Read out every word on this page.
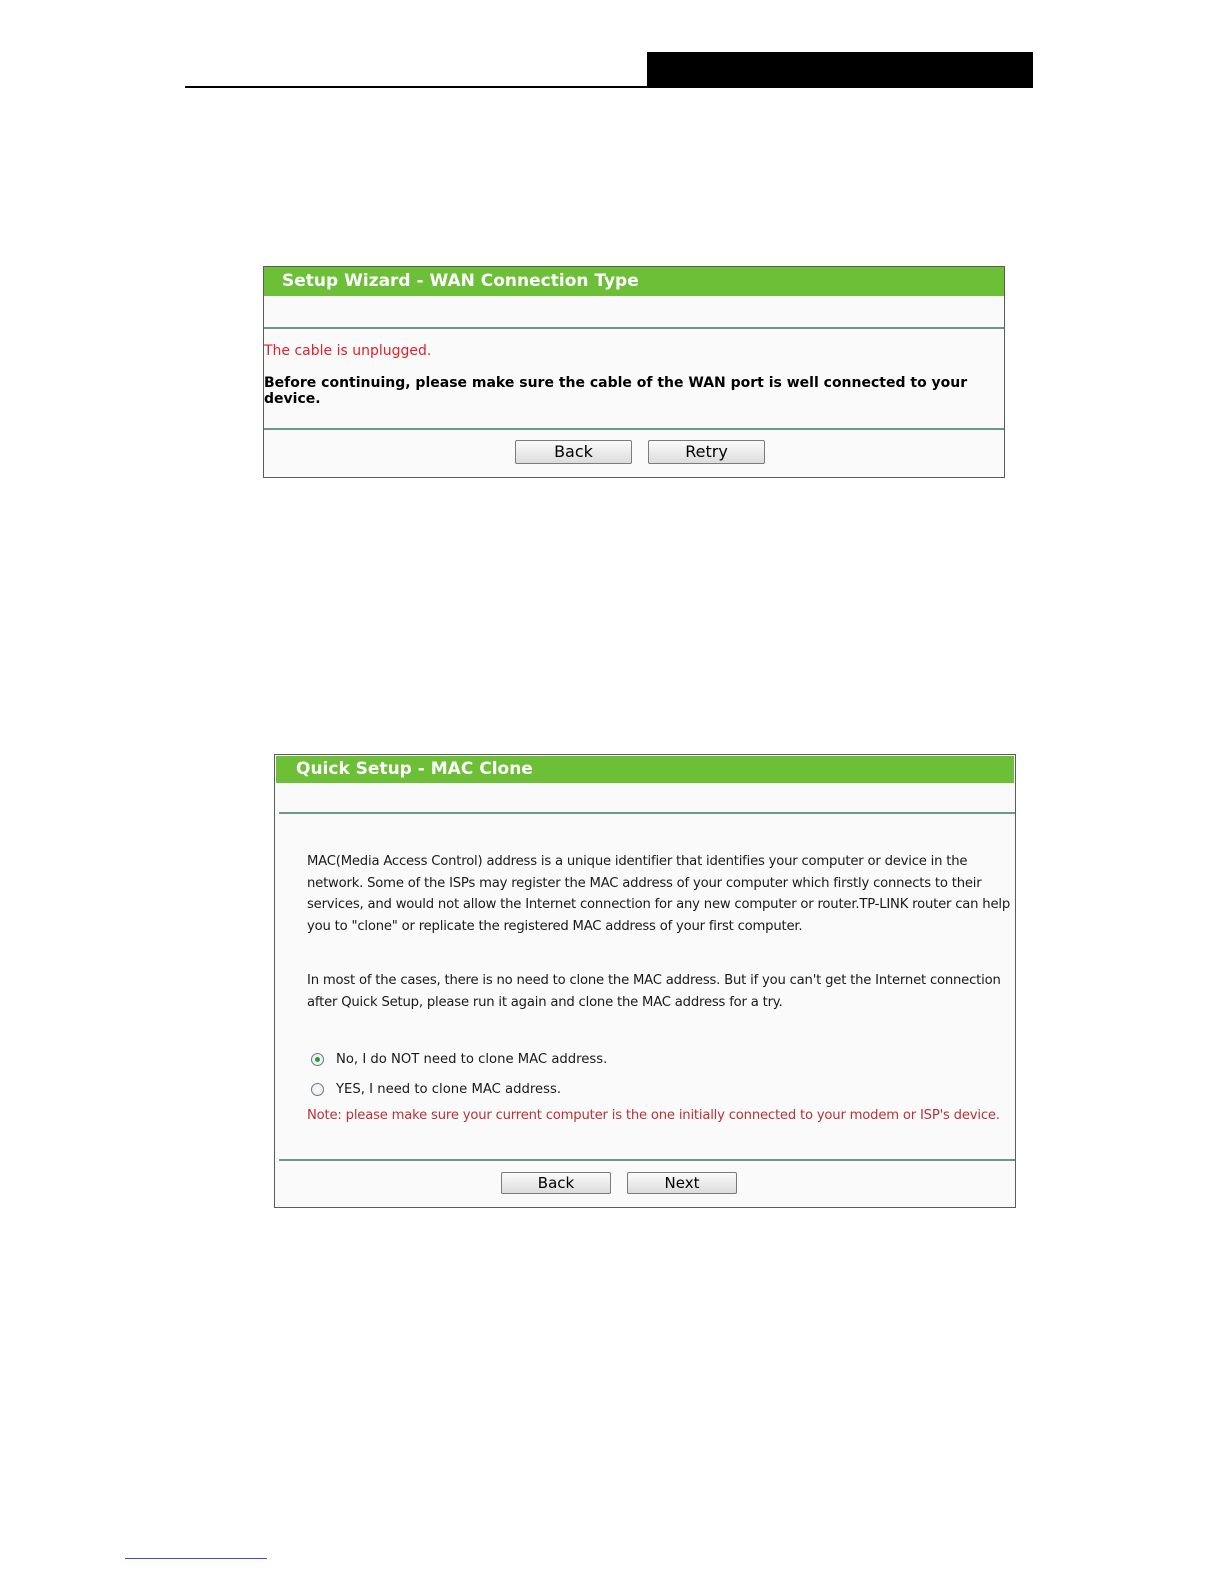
Setup Wizard - WAN Connection Type
The cable is unplugged.
Before continuing, please make sure the cable of the WAN port is well connected to your device.
Back	Retry
Quick Setup - MAC Clone
MAC(Media Access Control) address is a unique identifier that identifies your computer or device in the network. Some of the ISPs may register the MAC address of your computer which firstly connects to their services, and would not allow the Internet connection for any new computer or router.TP-LINK router can help you to "clone" or replicate the registered MAC address of your first computer.
In most of the cases, there is no need to clone the MAC address. But if you can't get the Internet connection after Quick Setup, please run it again and clone the MAC address for a try.
No, I do NOT need to clone MAC address.
YES, I need to clone MAC address.
Note: please make sure your current computer is the one initially connected to your modem or ISP's device.
Back	Next
